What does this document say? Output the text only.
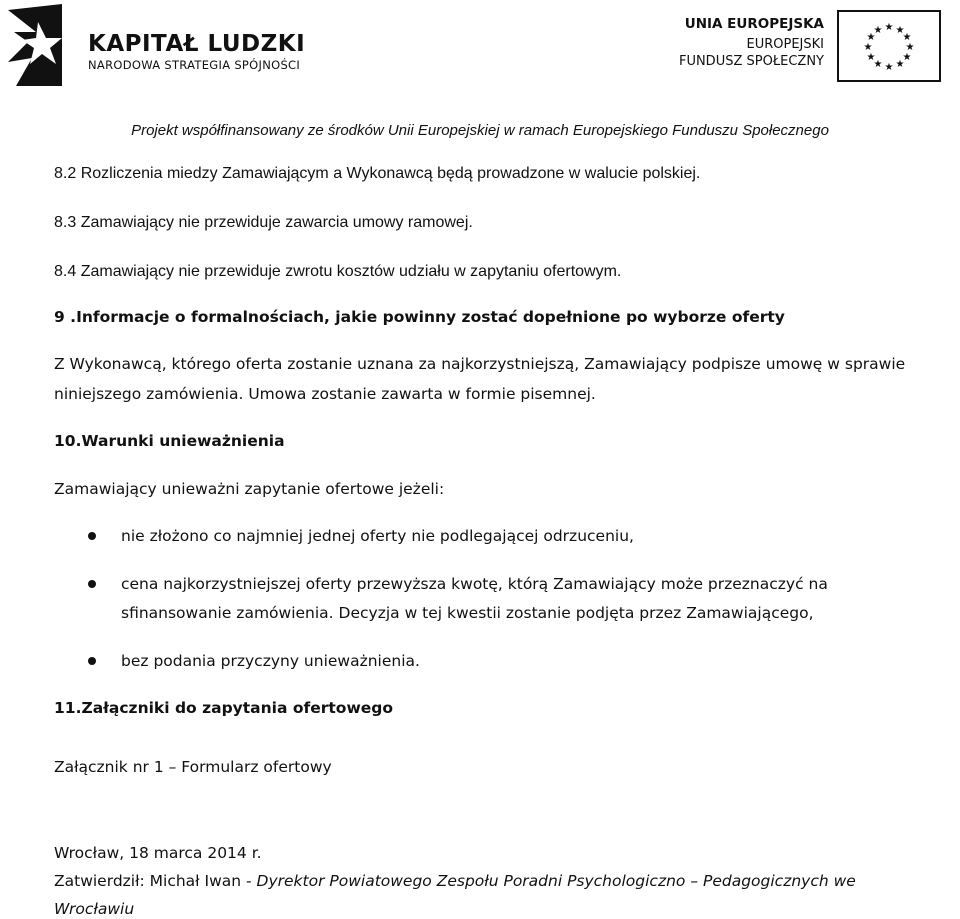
KAPITAŁ LUDZKI
NARODOWA STRATEGIA SPÓJNOŚCI
UNIA EUROPEJSKA
EUROPEJSKI
FUNDUSZ SPOŁECZNY
★ ★
★
★
★
★
★
★
★
★
★
★
Projekt współfinansowany ze środków Unii Europejskiej w ramach Europejskiego Funduszu Społecznego
8.2 Rozliczenia miedzy Zamawiającym a Wykonawcą będą prowadzone w walucie polskiej.
8.3 Zamawiający nie przewiduje zawarcia umowy ramowej.
8.4 Zamawiający nie przewiduje zwrotu kosztów udziału w zapytaniu ofertowym.
9 .Informacje o formalnościach, jakie powinny zostać dopełnione po wyborze oferty
Z Wykonawcą, którego oferta zostanie uznana za najkorzystniejszą, Zamawiający podpisze umowę w sprawie
niniejszego zamówienia. Umowa zostanie zawarta w formie pisemnej.
10.Warunki unieważnienia
Zamawiający unieważni zapytanie ofertowe jeżeli:
nie złożono co najmniej jednej oferty nie podlegającej odrzuceniu,
cena najkorzystniejszej oferty przewyższa kwotę, którą Zamawiający może przeznaczyć na
sfinansowanie zamówienia. Decyzja w tej kwestii zostanie podjęta przez Zamawiającego,
bez podania przyczyny unieważnienia.
11.Załączniki do zapytania ofertowego
Załącznik nr 1 – Formularz ofertowy
Wrocław, 18 marca 2014 r.
Zatwierdził: Michał Iwan - Dyrektor Powiatowego Zespołu Poradni Psychologiczno – Pedagogicznych we
Wrocławiu
